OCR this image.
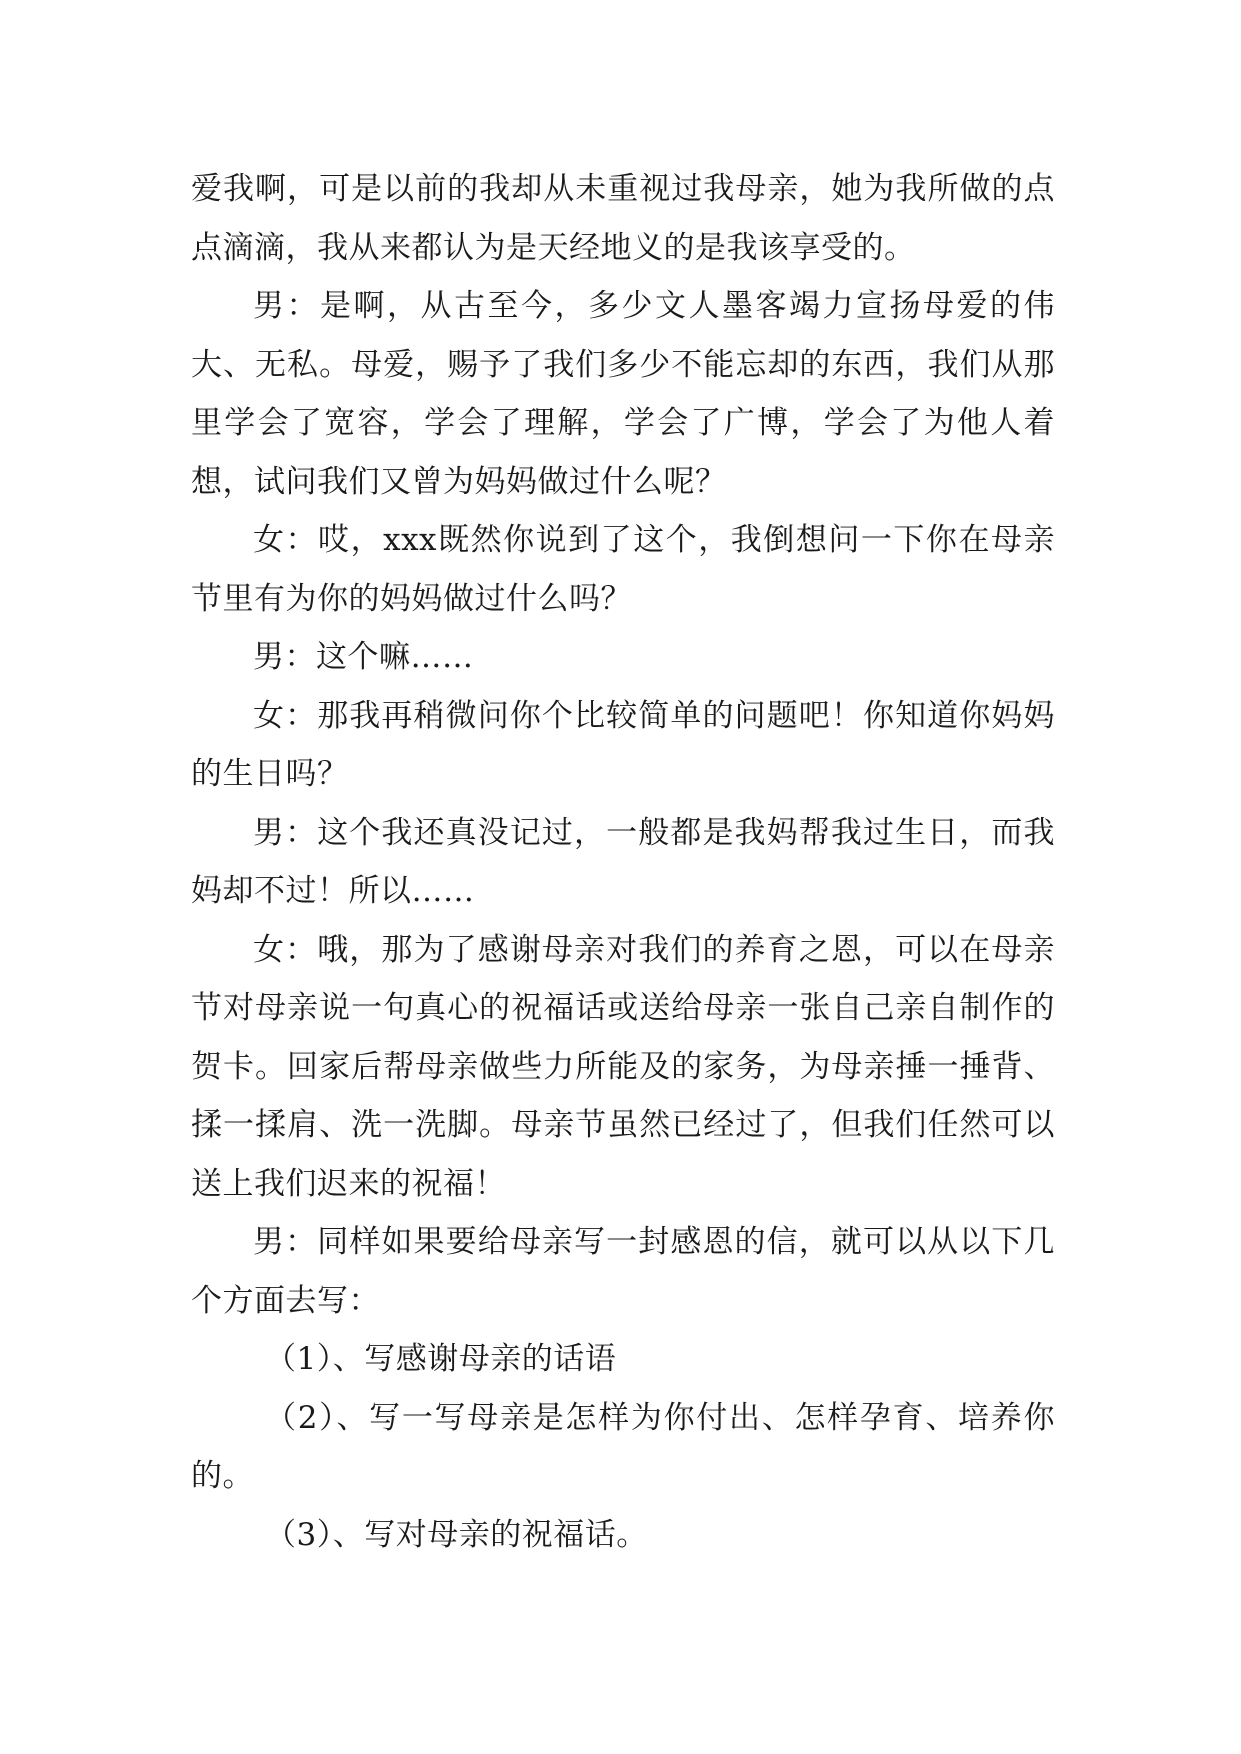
爱我啊，可是以前的我却从未重视过我母亲，她为我所做的点点滴滴，我从来都认为是天经地义的是我该享受的。

男：是啊，从古至今，多少文人墨客竭力宣扬母爱的伟大、无私。母爱，赐予了我们多少不能忘却的东西，我们从那里学会了宽容，学会了理解，学会了广博，学会了为他人着想，试问我们又曾为妈妈做过什么呢？

女：哎，xxx既然你说到了这个，我倒想问一下你在母亲节里有为你的妈妈做过什么吗？

男：这个嘛……

女：那我再稍微问你个比较简单的问题吧！你知道你妈妈的生日吗？

男：这个我还真没记过，一般都是我妈帮我过生日，而我妈却不过！所以……

女：哦，那为了感谢母亲对我们的养育之恩，可以在母亲节对母亲说一句真心的祝福话或送给母亲一张自己亲自制作的贺卡。回家后帮母亲做些力所能及的家务，为母亲捶一捶背、揉一揉肩、洗一洗脚。母亲节虽然已经过了，但我们任然可以送上我们迟来的祝福！

男：同样如果要给母亲写一封感恩的信，就可以从以下几个方面去写：

（1）、写感谢母亲的话语

（2）、写一写母亲是怎样为你付出、怎样孕育、培养你的。

（3）、写对母亲的祝福话。
